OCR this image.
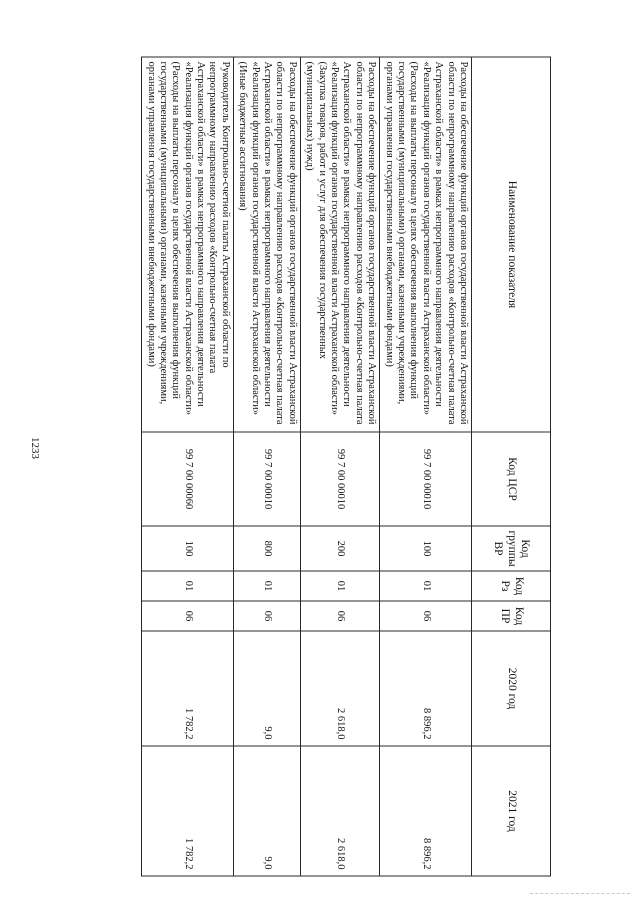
1233
Наименование показателя	Код ЦСР	Код группы ВР	Код Рз	Код ПР	2020 год	2021 год
Расходы на обеспечение функций органов государственной власти Астраханской области по непрограммному направлению расходов «Контрольно-счетная палата Астраханской области» в рамках непрограммного направления деятельности «Реализация функций органов государственной власти Астраханской области» (Расходы на выплаты персоналу в целях обеспечения выполнения функций государственными (муниципальными) органами, казенными учреждениями, органами управления государственными внебюджетными фондами)	99 7 00 00010	100	01	06	8 896,2	8 896,2
Расходы на обеспечение функций органов государственной власти Астраханской области по непрограммному направлению расходов «Контрольно-счетная палата Астраханской области» в рамках непрограммного направления деятельности «Реализация функций органов государственной власти Астраханской области» (Закупка товаров, работ и услуг для обеспечения государственных (муниципальных) нужд)	99 7 00 00010	200	01	06	2 618,0	2 618,0
Расходы на обеспечение функций органов государственной власти Астраханской области по непрограммному направлению расходов «Контрольно-счетная палата Астраханской области» в рамках непрограммного направления деятельности «Реализация функций органов государственной власти Астраханской области» (Иные бюджетные ассигнования)	99 7 00 00010	800	01	06	9,0	9,0
Руководитель Контрольно-счетной палаты Астраханской области по непрограммному направлению расходов «Контрольно-счетная палата Астраханской области» в рамках непрограммного направления деятельности «Реализация функций органов государственной власти Астраханской области» (Расходы на выплаты персоналу в целях обеспечения выполнения функций государственными (муниципальными) органами, казенными учреждениями, органами управления государственными внебюджетными фондами)	99 7 00 00060	100	01	06	1 782,2	1 782,2
